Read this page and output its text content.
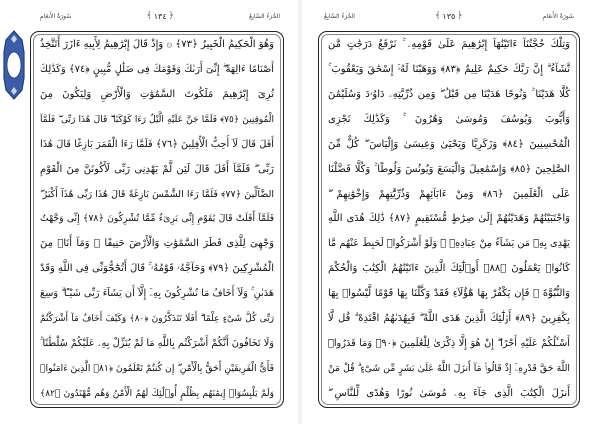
سُورَةُ الأَنعَامِ	﴾ ١٣٤ ﴿	الجُزءُ السَّابِعُ
وَهُوَ الْحَكِيمُ الْخَبِيرُ ﴿٧٣﴾ ۞ وَإِذْ قَالَ إِبْرَٰهِيمُ لِأَبِيهِ ءَازَرَ أَتَتَّخِذُ
أَصْنَامًا ءَالِهَةً ۖ إِنِّىٓ أَرَىٰكَ وَقَوْمَكَ فِى ضَلَٰلٍ مُّبِينٍ ﴿٧٤﴾ وَكَذَٰلِكَ
نُرِىٓ إِبْرَٰهِيمَ مَلَكُوتَ السَّمَٰوَٰتِ وَالْأَرْضِ وَلِيَكُونَ مِنَ
الْمُوقِنِينَ ﴿٧٥﴾ فَلَمَّا جَنَّ عَلَيْهِ الَّيْلُ رَءَا كَوْكَبًا ۖ قَالَ هَٰذَا رَبِّى ۖ فَلَمَّآ
أَفَلَ قَالَ لَآ أُحِبُّ الْأَٰفِلِينَ ﴿٧٦﴾ فَلَمَّا رَءَا الْقَمَرَ بَازِغًا قَالَ هَٰذَا
رَبِّى ۖ فَلَمَّآ أَفَلَ قَالَ لَئِن لَّمْ يَهْدِنِى رَبِّى لَأَكُونَنَّ مِنَ الْقَوْمِ
الضَّآلِّينَ ﴿٧٧﴾ فَلَمَّا رَءَا الشَّمْسَ بَازِغَةً قَالَ هَٰذَا رَبِّى هَٰذَآ أَكْبَرُ ۖ
فَلَمَّآ أَفَلَتْ قَالَ يَٰقَوْمِ إِنِّى بَرِىٓءٌ مِّمَّا تُشْرِكُونَ ﴿٧٨﴾ إِنِّى وَجَّهْتُ
وَجْهِىَ لِلَّذِى فَطَرَ السَّمَٰوَٰتِ وَالْأَرْضَ حَنِيفًا ۖ وَمَآ أَنَا۠ مِنَ
الْمُشْرِكِينَ ﴿٧٩﴾ وَحَآجَّهُۥ قَوْمُهُۥ ۚ قَالَ أَتُحَٰٓجُّوٓنِّى فِى اللَّهِ وَقَدْ
هَدَىٰنِ ۚ وَلَآ أَخَافُ مَا تُشْرِكُونَ بِهِۦٓ إِلَّآ أَن يَشَآءَ رَبِّى شَيْـًٔا ۗ وَسِعَ
رَبِّى كُلَّ شَىْءٍ عِلْمًا ۗ أَفَلَا تَتَذَكَّرُونَ ﴿٨٠﴾ وَكَيْفَ أَخَافُ مَآ أَشْرَكْتُمْ
وَلَا تَخَافُونَ أَنَّكُمْ أَشْرَكْتُم بِاللَّهِ مَا لَمْ يُنَزِّلْ بِهِۦ عَلَيْكُمْ سُلْطَٰنًا ۚ
فَأَىُّ الْفَرِيقَيْنِ أَحَقُّ بِالْأَمْنِ ۖ إِن كُنتُمْ تَعْلَمُونَ ﴿٨١﴾ الَّذِينَ ءَامَنُوا۟
وَلَمْ يَلْبِسُوٓا۟ إِيمَٰنَهُم بِظُلْمٍ أُو۟لَٰٓئِكَ لَهُمُ الْأَمْنُ وَهُم مُّهْتَدُونَ ﴿٨٢﴾
الجُزءُ السَّابِعُ	﴾ ١٣٥ ﴿	سُورَةُ الأَنعَامِ
وَتِلْكَ حُجَّتُنَآ ءَاتَيْنَٰهَآ إِبْرَٰهِيمَ عَلَىٰ قَوْمِهِۦ ۚ نَرْفَعُ دَرَجَٰتٍ مَّن
نَّشَآءُ ۗ إِنَّ رَبَّكَ حَكِيمٌ عَلِيمٌ ﴿٨٣﴾ وَوَهَبْنَا لَهُۥٓ إِسْحَٰقَ وَيَعْقُوبَ ۚ
كُلًّا هَدَيْنَا ۚ وَنُوحًا هَدَيْنَا مِن قَبْلُ ۖ وَمِن ذُرِّيَّتِهِۦ دَاوُۥدَ وَسُلَيْمَٰنَ
وَأَيُّوبَ وَيُوسُفَ وَمُوسَىٰ وَهَٰرُونَ ۚ وَكَذَٰلِكَ نَجْزِى
الْمُحْسِنِينَ ﴿٨٤﴾ وَزَكَرِيَّا وَيَحْيَىٰ وَعِيسَىٰ وَإِلْيَاسَ ۖ كُلٌّ مِّنَ
الصَّٰلِحِينَ ﴿٨٥﴾ وَإِسْمَٰعِيلَ وَالْيَسَعَ وَيُونُسَ وَلُوطًا ۚ وَكُلًّا فَضَّلْنَا
عَلَى الْعَٰلَمِينَ ﴿٨٦﴾ وَمِنْ ءَابَآئِهِمْ وَذُرِّيَّٰتِهِمْ وَإِخْوَٰنِهِمْ ۖ
وَاجْتَبَيْنَٰهُمْ وَهَدَيْنَٰهُمْ إِلَىٰ صِرَٰطٍ مُّسْتَقِيمٍ ﴿٨٧﴾ ذَٰلِكَ هُدَى اللَّهِ
يَهْدِى بِهِۦ مَن يَشَآءُ مِنْ عِبَادِهِۦ ۚ وَلَوْ أَشْرَكُوا۟ لَحَبِطَ عَنْهُم مَّا
كَانُوا۟ يَعْمَلُونَ ﴿٨٨﴾ أُو۟لَٰٓئِكَ الَّذِينَ ءَاتَيْنَٰهُمُ الْكِتَٰبَ وَالْحُكْمَ
وَالنُّبُوَّةَ ۚ فَإِن يَكْفُرْ بِهَا هَٰٓؤُلَآءِ فَقَدْ وَكَّلْنَا بِهَا قَوْمًا لَّيْسُوا۟ بِهَا
بِكَٰفِرِينَ ﴿٨٩﴾ أُو۟لَٰٓئِكَ الَّذِينَ هَدَى اللَّهُ ۖ فَبِهُدَىٰهُمُ اقْتَدِهْ ۗ قُل لَّآ
أَسْـَٔلُكُمْ عَلَيْهِ أَجْرًا ۖ إِنْ هُوَ إِلَّا ذِكْرَىٰ لِلْعَٰلَمِينَ ﴿٩٠﴾ وَمَا قَدَرُوا۟
اللَّهَ حَقَّ قَدْرِهِۦٓ إِذْ قَالُوا۟ مَآ أَنزَلَ اللَّهُ عَلَىٰ بَشَرٍ مِّن شَىْءٍ ۗ قُلْ مَنْ
أَنزَلَ الْكِتَٰبَ الَّذِى جَآءَ بِهِۦ مُوسَىٰ نُورًا وَهُدًى لِّلنَّاسِ ۖ
